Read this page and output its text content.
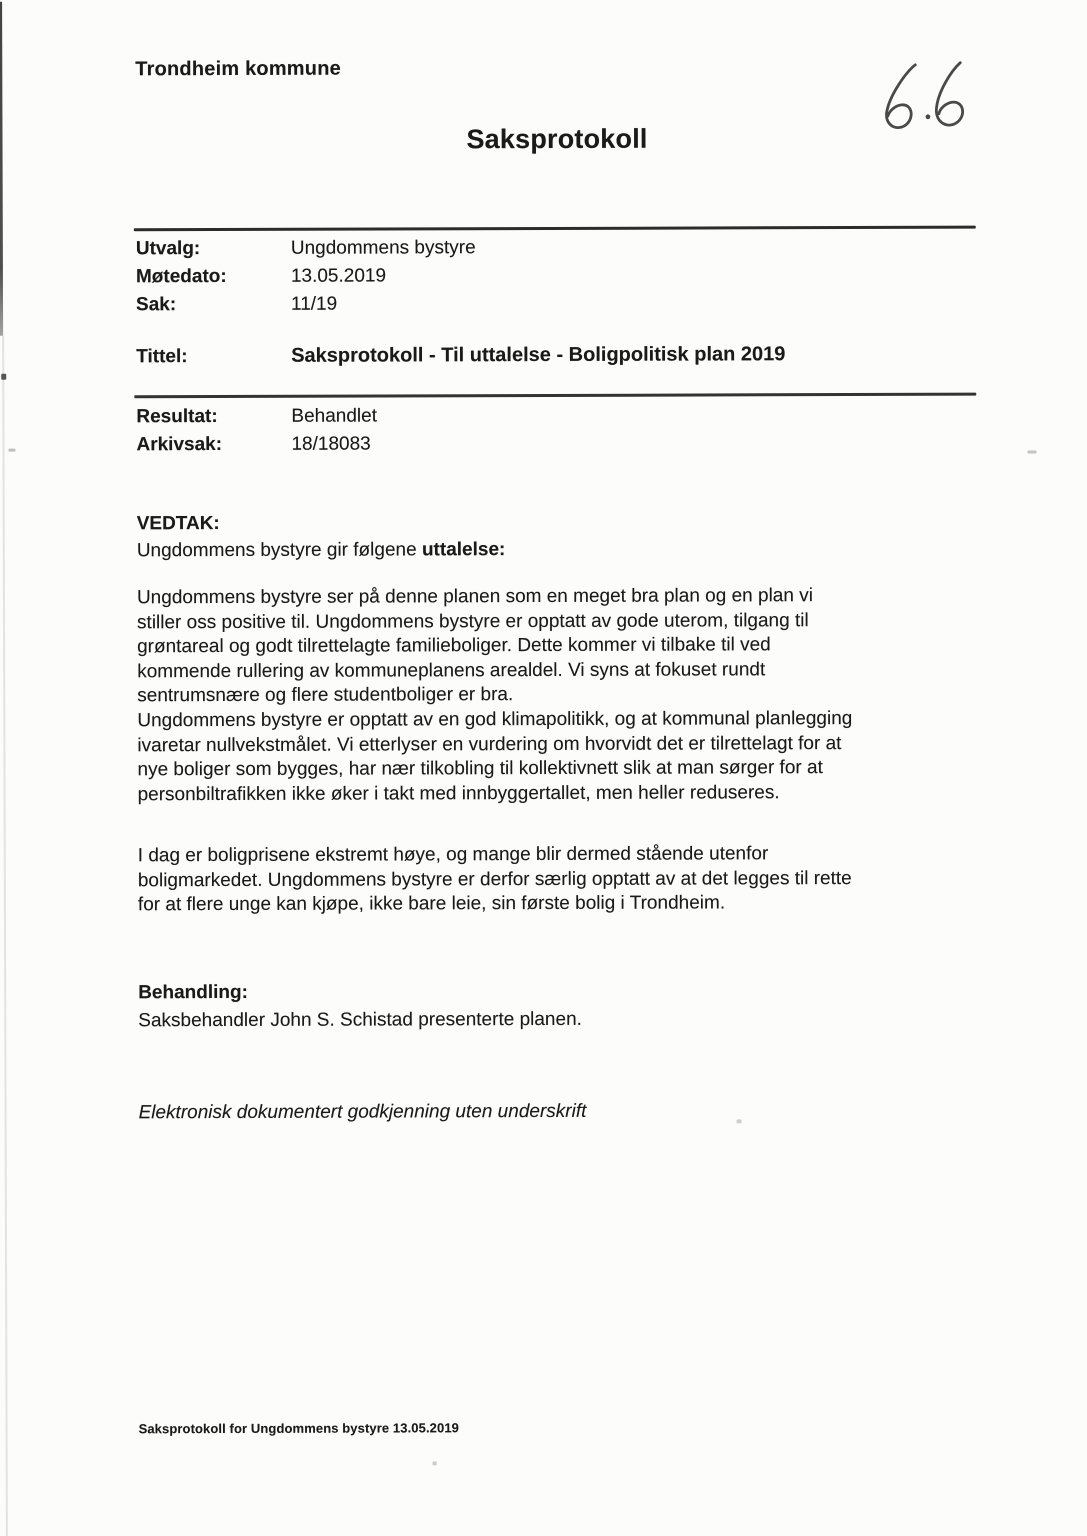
Trondheim kommune
Saksprotokoll
Utvalg:	Ungdommens bystyre
Møtedato:	13.05.2019
Sak:	11/19
Tittel:	Saksprotokoll - Til uttalelse - Boligpolitisk plan 2019
Resultat:	Behandlet
Arkivsak:	18/18083
VEDTAK:
Ungdommens bystyre gir følgene uttalelse:
Ungdommens bystyre ser på denne planen som en meget bra plan og en plan vi
stiller oss positive til. Ungdommens bystyre er opptatt av gode uterom, tilgang til
grøntareal og godt tilrettelagte familieboliger. Dette kommer vi tilbake til ved
kommende rullering av kommuneplanens arealdel. Vi syns at fokuset rundt
sentrumsnære og flere studentboliger er bra.
Ungdommens bystyre er opptatt av en god klimapolitikk, og at kommunal planlegging
ivaretar nullvekstmålet. Vi etterlyser en vurdering om hvorvidt det er tilrettelagt for at
nye boliger som bygges, har nær tilkobling til kollektivnett slik at man sørger for at
personbiltrafikken ikke øker i takt med innbyggertallet, men heller reduseres.
I dag er boligprisene ekstremt høye, og mange blir dermed stående utenfor
boligmarkedet. Ungdommens bystyre er derfor særlig opptatt av at det legges til rette
for at flere unge kan kjøpe, ikke bare leie, sin første bolig i Trondheim.
Behandling:
Saksbehandler John S. Schistad presenterte planen.
Elektronisk dokumentert godkjenning uten underskrift
Saksprotokoll for Ungdommens bystyre 13.05.2019
